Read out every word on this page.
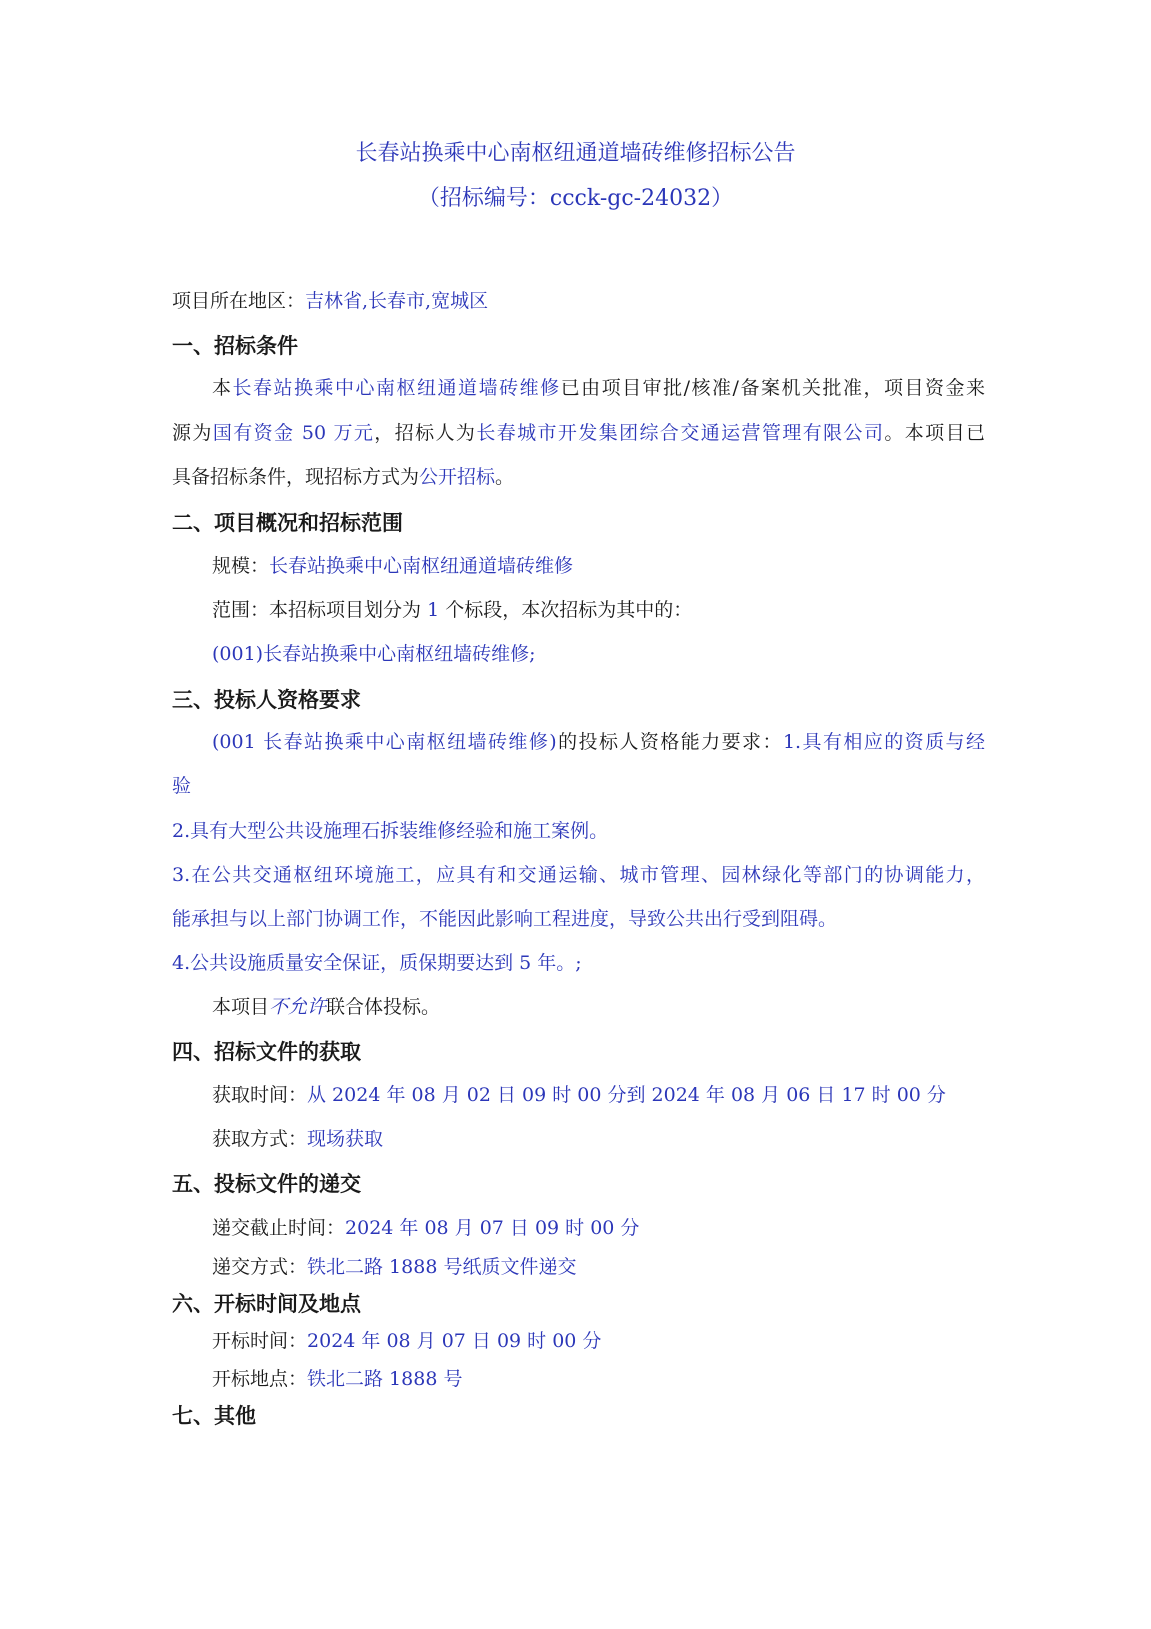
长春站换乘中心南枢纽通道墙砖维修招标公告
（招标编号：ccck-gc-24032）
项目所在地区：吉林省,长春市,宽城区
一、招标条件
本长春站换乘中心南枢纽通道墙砖维修已由项目审批/核准/备案机关批准，项目资金来
源为国有资金 50 万元，招标人为长春城市开发集团综合交通运营管理有限公司。本项目已
具备招标条件，现招标方式为公开招标。
二、项目概况和招标范围
规模：长春站换乘中心南枢纽通道墙砖维修
范围：本招标项目划分为 1 个标段，本次招标为其中的：
(001)长春站换乘中心南枢纽墙砖维修;
三、投标人资格要求
(001 长春站换乘中心南枢纽墙砖维修)的投标人资格能力要求：1.具有相应的资质与经
验
2.具有大型公共设施理石拆装维修经验和施工案例。
3.在公共交通枢纽环境施工，应具有和交通运输、城市管理、园林绿化等部门的协调能力，
能承担与以上部门协调工作，不能因此影响工程进度，导致公共出行受到阻碍。
4.公共设施质量安全保证，质保期要达到 5 年。;
本项目不允许联合体投标。
四、招标文件的获取
获取时间：从 2024 年 08 月 02 日 09 时 00 分到 2024 年 08 月 06 日 17 时 00 分
获取方式：现场获取
五、投标文件的递交
递交截止时间：2024 年 08 月 07 日 09 时 00 分
递交方式：铁北二路 1888 号纸质文件递交
六、开标时间及地点
开标时间：2024 年 08 月 07 日 09 时 00 分
开标地点：铁北二路 1888 号
七、其他
